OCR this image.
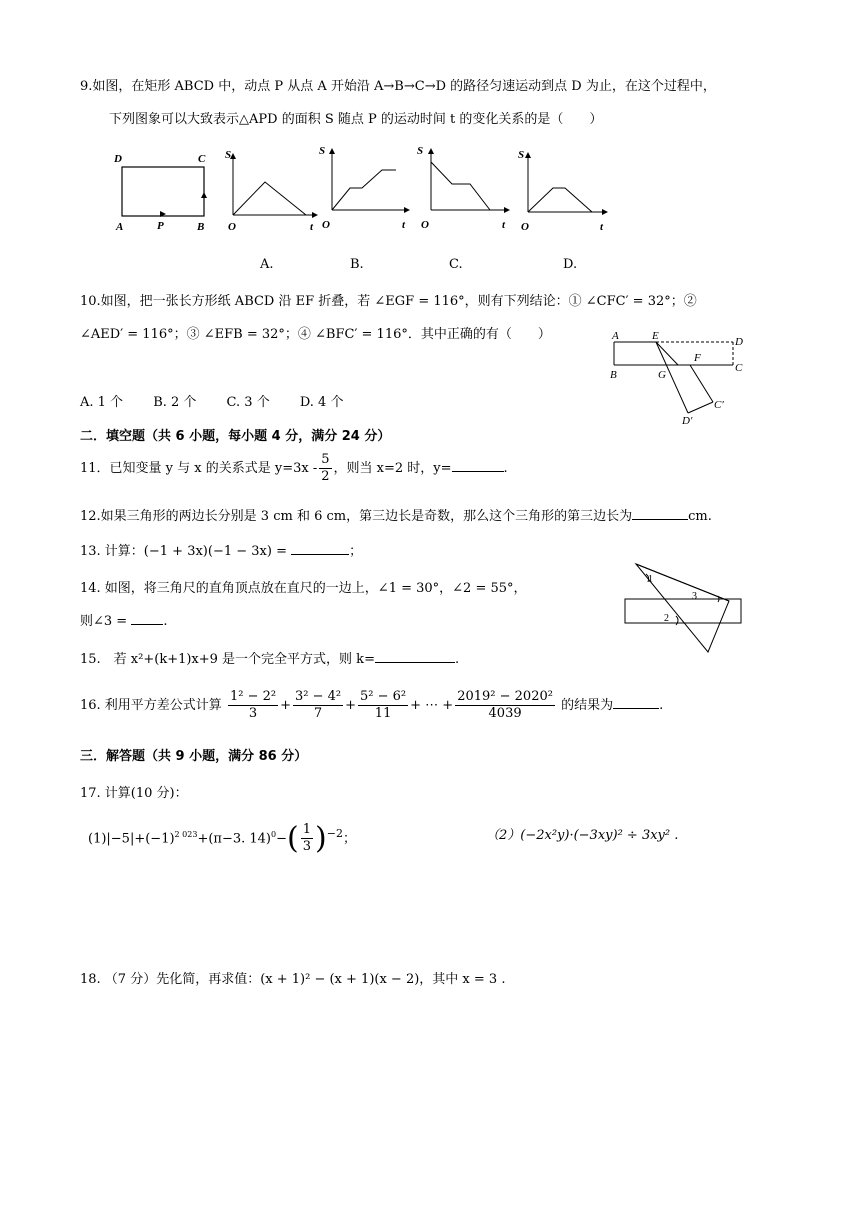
9.如图，在矩形 ABCD 中，动点 P 从点 A 开始沿 A→B→C→D 的路径匀速运动到点 D 为止，在这个过程中，
下列图象可以大致表示△APD 的面积 S 随点 P 的运动时间 t 的变化关系的是（　　）
D	C
A	P	B
S
O	t
S
O	t
S
O	t
S
O	t
A.	B.	C.	D.
10.如图，把一张长方形纸 ABCD 沿 EF 折叠，若 ∠EGF = 116°，则有下列结论：① ∠CFC′ = 32°；②
∠AED′ = 116°；③ ∠EFB = 32°；④ ∠BFC′ = 116°．其中正确的有（　　）	A	E	D
F
B	G
C
C′
D′
A. 1 个　　 B. 2 个　　 C. 3 个　　 D. 4 个
二．填空题（共 6 小题，每小题 4 分，满分 24 分）
11．已知变量 y 与 x 的关系式是 $y=3x - \frac{5}{2}$ ，则当 x=2 时，y=	.
12.如果三角形的两边长分别是 3 cm 和 6 cm，第三边长是奇数，那么这个三角形的第三边长为	cm.
13. 计算：(−1 + 3x)(−1 − 3x) =	；
14. 如图，将三角尺的直角顶点放在直尺的一边上，∠1 = 30°，∠2 = 55°，
则∠3 =	.
1
3
2
15.　若 x²+(k+1)x+9 是一个完全平方式，则 k=	.
16. 利用平方差公式计算 $\frac{\text{1² − 2²}}{3} + \frac{\text{3² − 4²}}{7} + \frac{\text{5² − 6²}}{11}$ + ⋯ + $\frac{\text{2019² − 2020²}}{4039}$ 的结果为	.
三．解答题（共 9 小题，满分 86 分）
17. 计算(10 分)：
$(1)|-5|+(-1)^{2 023}+(\pi-3$. $14)^0-( \frac{1}{3} )^{-2}$；	（2）(−2x²y)·(−3xy)² ÷ 3xy² .
18. （7 分）先化简，再求值：(x + 1)² − (x + 1)(x − 2)，其中 x = 3 .
